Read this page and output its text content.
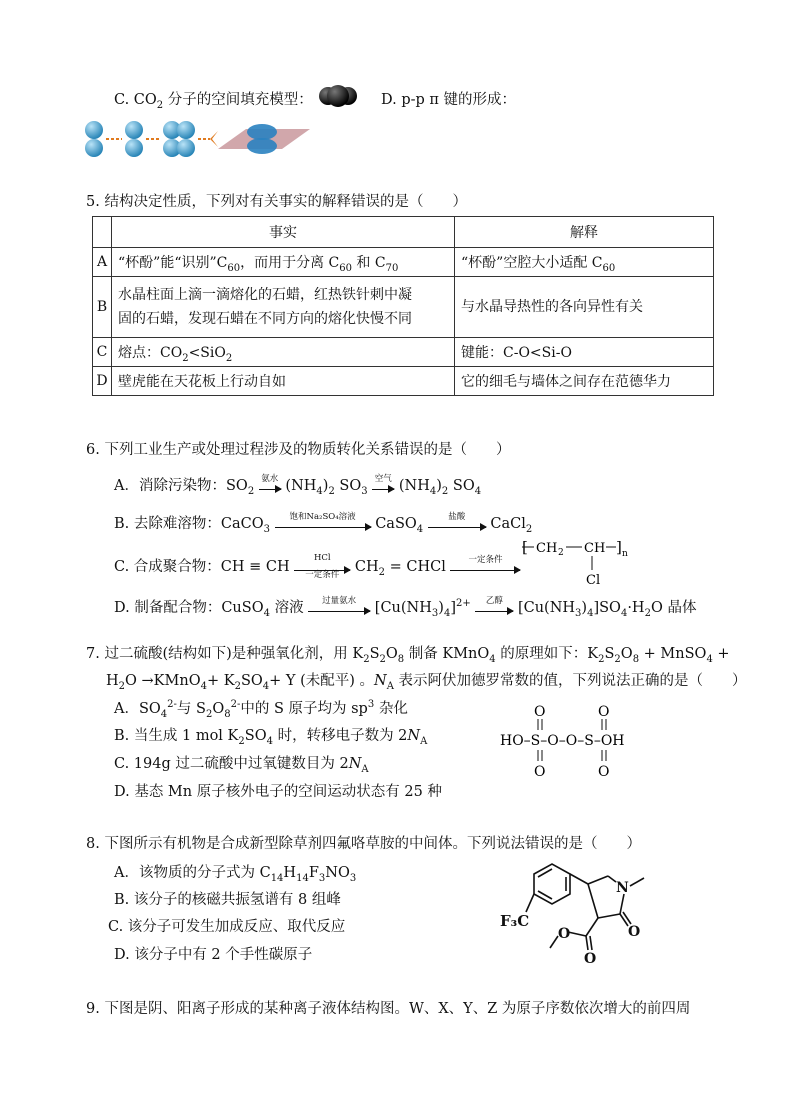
C. $CO_2$ 分子的空间填充模型：	D. p-p π 键的形成：
5. 结构决定性质，下列对有关事实的解释错误的是（　　）
	事实	解释
A	“杯酚”能“识别$”C_{60}$，而用于分离 $C_{60}$ 和 $C_{70}$	“杯酚”空腔大小适配 $C_{60}$
B	水晶柱面上滴一滴熔化的石蜡，红热铁针刺中凝
固的石蜡，发现石蜡在不同方向的熔化快慢不同	与水晶导热性的各向异性有关
C	熔点：$CO_2<SiO_2$	键能：C-O<Si-O
D	壁虎能在天花板上行动自如	它的细毛与墙体之间存在范德华力
6. 下列工业生产或处理过程涉及的物质转化关系错误的是（　　）
A．消除污染物：$SO_2$
氨水 $(NH_4)_2$ $SO_3$
空气 $(NH_4)_2$ $SO_4$
B. 去除难溶物：CaCO$_3$
饱和Na₂SO₄溶液	CaSO$_4$
盐酸	CaCl$_2$
C. 合成聚合物：CH ≡ CH
HCl
一定条件 $CH_2$ = CHCl	一定条件
[ CH 2 CH ] n
Cl
D. 制备配合物：CuSO$_4$ 溶液	过量氨水 $[Cu(NH_3)_4]^{2+}$	乙醇 $[Cu(NH_3)_4]SO_4\cdot H_2O$ 晶体
7. 过二硫酸(结构如下)是种强氧化剂，用 $K_2S_2O_8$ 制备 KMnO$_4$ 的原理如下：$K_2S_2O_8$ + MnSO$_4$ +
$H_2O$ →KMnO$_4$+ $K_2SO_4+ Y$ (未配平) 。$N_A$ 表示阿伏加德罗常数的值，下列说法正确的是（　　）
A．$SO_4^{2-}$与 $S_2O_8^{2-}$中的 S 原子均为 $sp^3$ 杂化
B. 当生成 1 mol $K_2SO_4$ 时，转移电子数为 $2N_A$
C. 194g 过二硫酸中过氧键数目为 $2N_A$
D. 基态 Mn 原子核外电子的空间运动状态有 25 种
O	O
HO–S–O–O–S–OH
O	O
8. 下图所示有机物是合成新型除草剂四氟咯草胺的中间体。下列说法错误的是（　　）
A．该物质的分子式为 $C_{14}H_{14}F_3NO_3$
B. 该分子的核磁共振氢谱有 8 组峰
C. 该分子可发生加成反应、取代反应
D. 该分子中有 2 个手性碳原子
F₃C
N
O
O
O
9. 下图是阴、阳离子形成的某种离子液体结构图。W、X、Y、Z 为原子序数依次增大的前四周
